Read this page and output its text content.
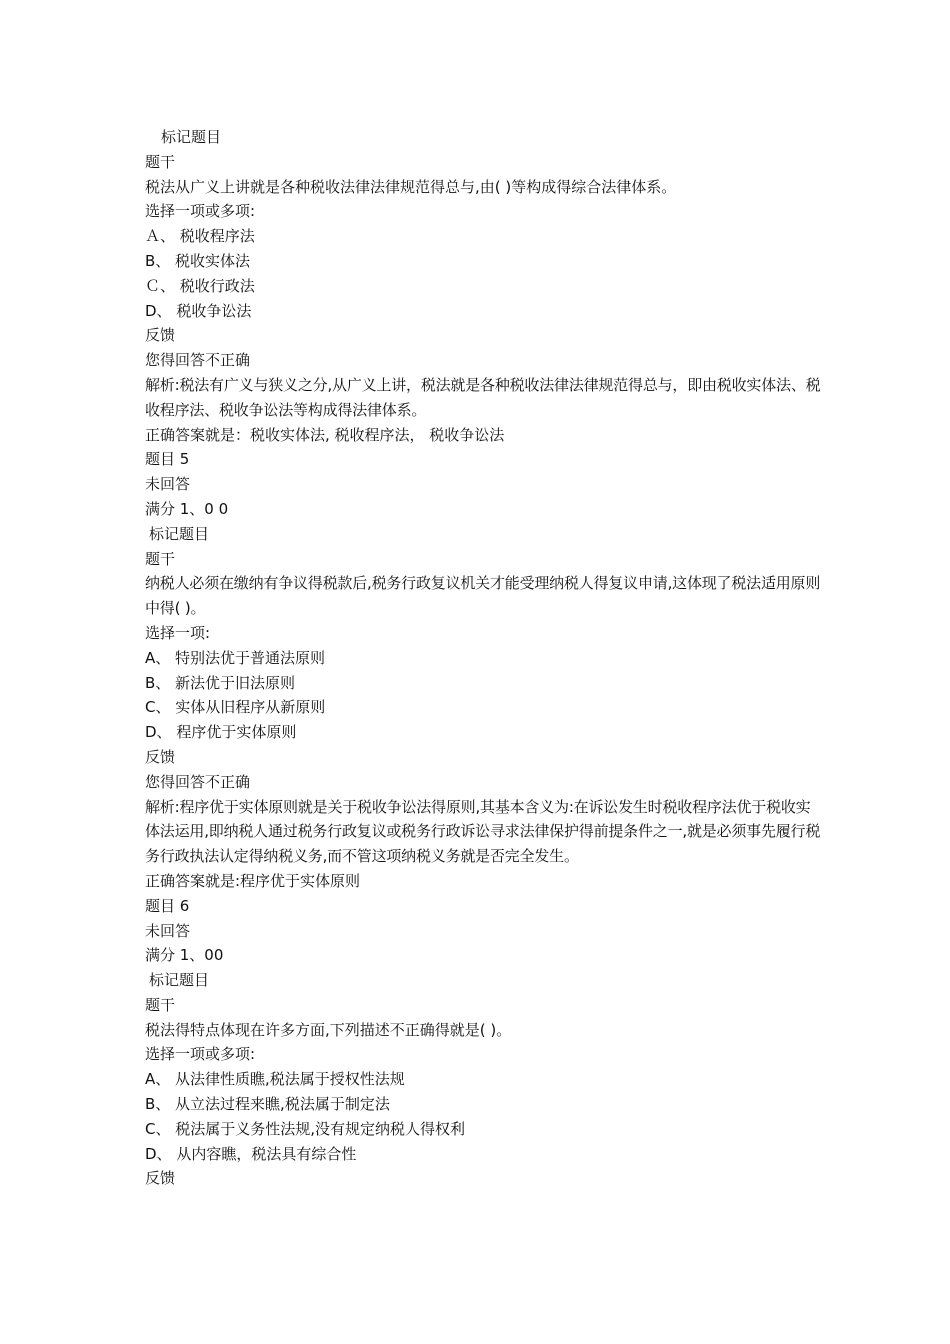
标记题目
题干
税法从广义上讲就是各种税收法律法律规范得总与,由( )等构成得综合法律体系。
选择一项或多项:
Ａ、 税收程序法
B、 税收实体法
Ｃ、 税收行政法
D、 税收争讼法
反馈
您得回答不正确
解析:税法有广义与狭义之分,从广义上讲，税法就是各种税收法律法律规范得总与，即由税收实体法、税收程序法、税收争讼法等构成得法律体系。
正确答案就是：税收实体法, 税收程序法， 税收争讼法
题目 5
未回答
满分 1、0 0
标记题目
题干
纳税人必须在缴纳有争议得税款后,税务行政复议机关才能受理纳税人得复议申请,这体现了税法适用原则中得( )。
选择一项:
A、 特别法优于普通法原则
B、 新法优于旧法原则
C、 实体从旧程序从新原则
D、 程序优于实体原则
反馈
您得回答不正确
解析:程序优于实体原则就是关于税收争讼法得原则,其基本含义为:在诉讼发生时税收程序法优于税收实体法运用,即纳税人通过税务行政复议或税务行政诉讼寻求法律保护得前提条件之一,就是必须事先履行税务行政执法认定得纳税义务,而不管这项纳税义务就是否完全发生。
正确答案就是:程序优于实体原则
题目 6
未回答
满分 1、00
标记题目
题干
税法得特点体现在许多方面,下列描述不正确得就是( )。
选择一项或多项:
A、 从法律性质瞧,税法属于授权性法规
B、 从立法过程来瞧,税法属于制定法
C、 税法属于义务性法规,没有规定纳税人得权利
D、 从内容瞧，税法具有综合性
反馈
